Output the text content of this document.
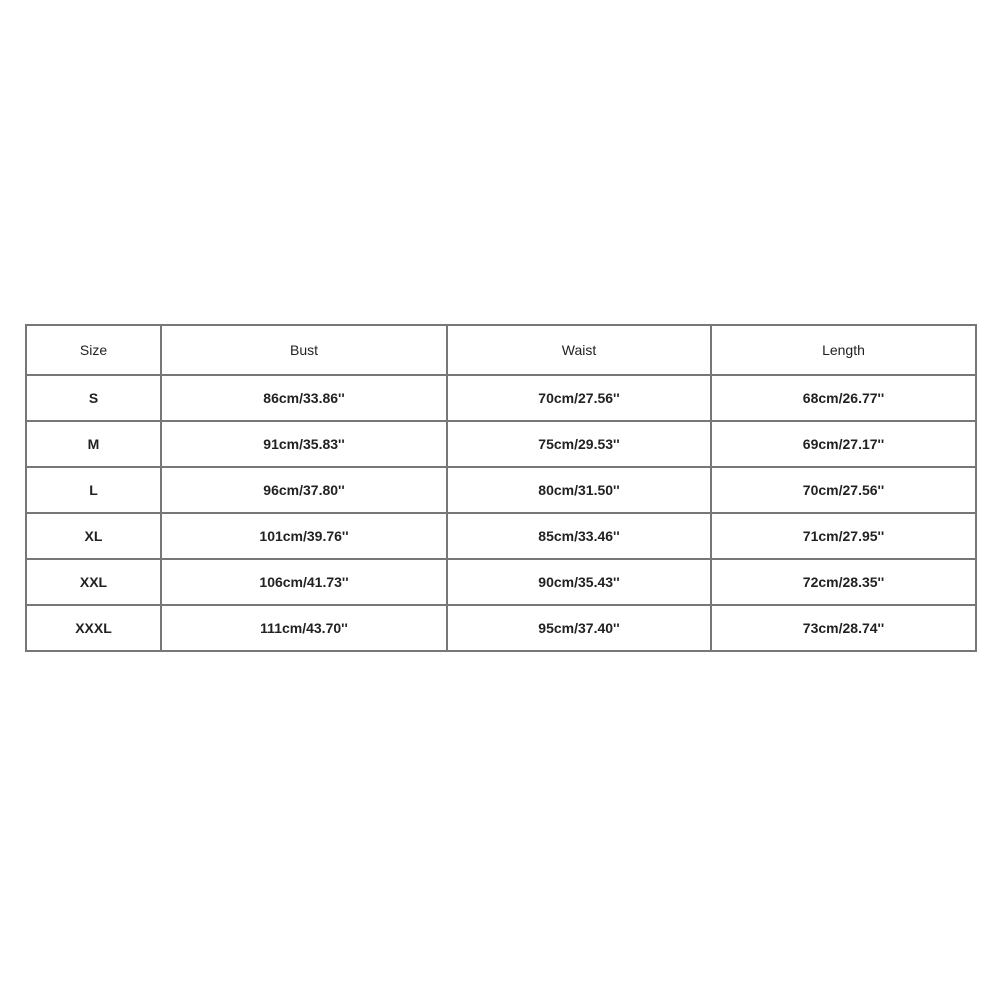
Size	Bust	Waist	Length
S	86cm/33.86''	70cm/27.56''	68cm/26.77''
M	91cm/35.83''	75cm/29.53''	69cm/27.17''
L	96cm/37.80''	80cm/31.50''	70cm/27.56''
XL	101cm/39.76''	85cm/33.46''	71cm/27.95''
XXL	106cm/41.73''	90cm/35.43''	72cm/28.35''
XXXL	111cm/43.70''	95cm/37.40''	73cm/28.74''
